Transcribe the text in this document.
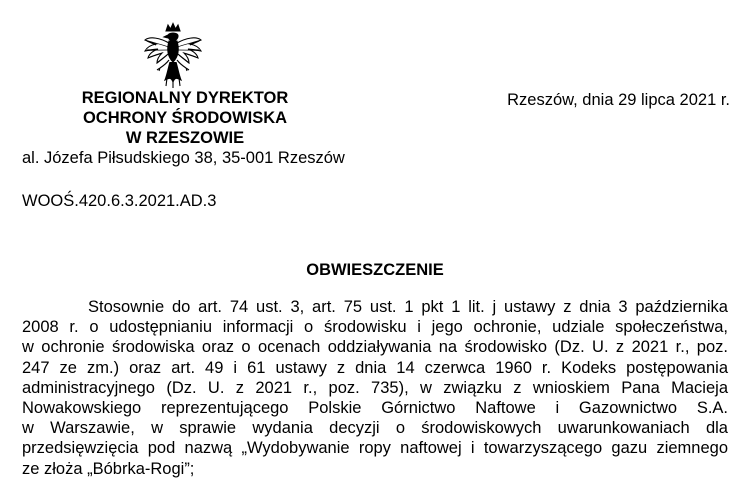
REGIONALNY DYREKTOR
OCHRONY ŚRODOWISKA
W RZESZOWIE
al. Józefa Piłsudskiego 38, 35-001 Rzeszów
Rzeszów, dnia 29 lipca 2021 r.
WOOŚ.420.6.3.2021.AD.3
OBWIESZCZENIE
Stosownie do art. 74 ust. 3, art. 75 ust. 1 pkt 1 lit. j ustawy z dnia 3 października
2008 r. o udostępnianiu informacji o środowisku i jego ochronie, udziale społeczeństwa,
w ochronie środowiska oraz o ocenach oddziaływania na środowisko (Dz. U. z 2021 r., poz.
247 ze zm.) oraz art. 49 i 61 ustawy z dnia 14 czerwca 1960 r. Kodeks postępowania
administracyjnego (Dz. U. z 2021 r., poz. 735), w związku z wnioskiem Pana Macieja
Nowakowskiego reprezentującego Polskie Górnictwo Naftowe i Gazownictwo S.A.
w Warszawie, w sprawie wydania decyzji o środowiskowych uwarunkowaniach dla
przedsięwzięcia pod nazwą „Wydobywanie ropy naftowej i towarzyszącego gazu ziemnego
ze złoża „Bóbrka-Rogi”;
